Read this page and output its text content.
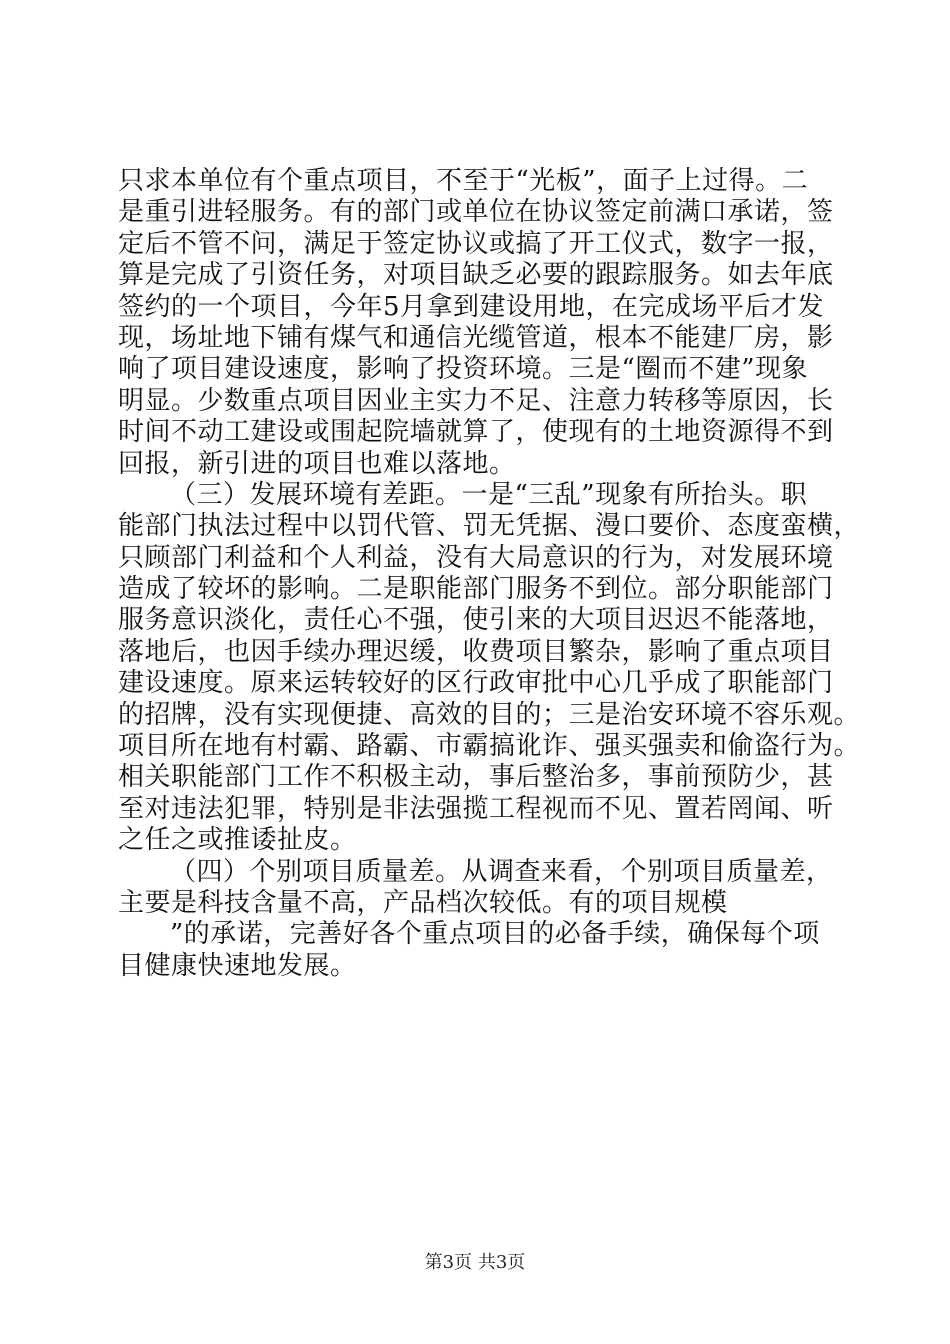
只求本单位有个重点项目，不至于“光板”，面子上过得。二
是重引进轻服务。有的部门或单位在协议签定前满口承诺，签
定后不管不问，满足于签定协议或搞了开工仪式，数字一报，
算是完成了引资任务，对项目缺乏必要的跟踪服务。如去年底
签约的一个项目，今年5月拿到建设用地，在完成场平后才发
现，场址地下铺有煤气和通信光缆管道，根本不能建厂房，影
响了项目建设速度，影响了投资环境。三是“圈而不建”现象
明显。少数重点项目因业主实力不足、注意力转移等原因，长
时间不动工建设或围起院墙就算了，使现有的土地资源得不到
回报，新引进的项目也难以落地。
（三）发展环境有差距。一是“三乱”现象有所抬头。职
能部门执法过程中以罚代管、罚无凭据、漫口要价、态度蛮横，
只顾部门利益和个人利益，没有大局意识的行为，对发展环境
造成了较坏的影响。二是职能部门服务不到位。部分职能部门
服务意识淡化，责任心不强，使引来的大项目迟迟不能落地，
落地后，也因手续办理迟缓，收费项目繁杂，影响了重点项目
建设速度。原来运转较好的区行政审批中心几乎成了职能部门
的招牌，没有实现便捷、高效的目的；三是治安环境不容乐观。
项目所在地有村霸、路霸、市霸搞讹诈、强买强卖和偷盗行为。
相关职能部门工作不积极主动，事后整治多，事前预防少，甚
至对违法犯罪，特别是非法强揽工程视而不见、置若罔闻、听
之任之或推诿扯皮。
（四）个别项目质量差。从调查来看，个别项目质量差，
主要是科技含量不高，产品档次较低。有的项目规模
”的承诺，完善好各个重点项目的必备手续，确保每个项
目健康快速地发展。
第3页 共3页
